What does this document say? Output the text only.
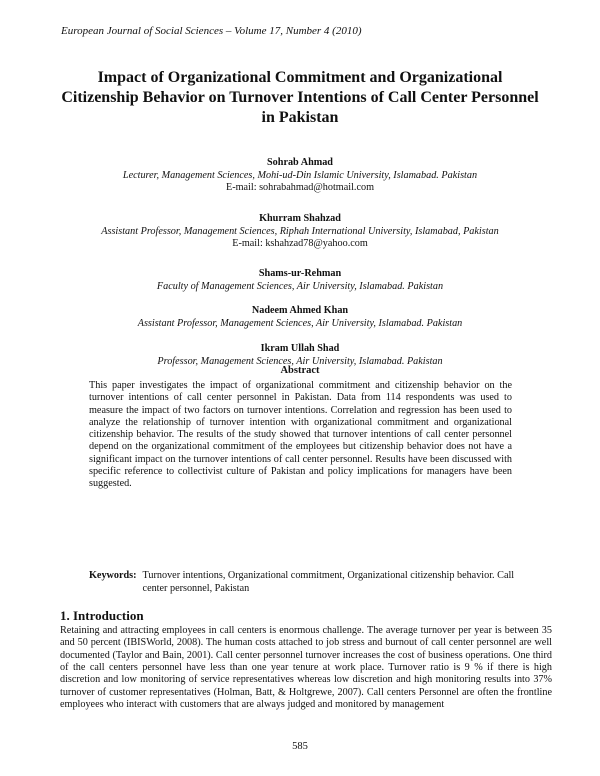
European Journal of Social Sciences – Volume 17, Number 4 (2010)
Impact of Organizational Commitment and Organizational Citizenship Behavior on Turnover Intentions of Call Center Personnel in Pakistan
Sohrab Ahmad
Lecturer, Management Sciences, Mohi-ud-Din Islamic University, Islamabad. Pakistan
E-mail: sohrabahmad@hotmail.com
Khurram Shahzad
Assistant Professor, Management Sciences, Riphah International University, Islamabad, Pakistan
E-mail: kshahzad78@yahoo.com
Shams-ur-Rehman
Faculty of Management Sciences, Air University, Islamabad. Pakistan
Nadeem Ahmed Khan
Assistant Professor, Management Sciences, Air University, Islamabad. Pakistan
Ikram Ullah Shad
Professor, Management Sciences, Air University, Islamabad. Pakistan
Abstract

This paper investigates the impact of organizational commitment and citizenship behavior on the turnover intentions of call center personnel in Pakistan. Data from 114 respondents was used to measure the impact of two factors on turnover intentions. Correlation and regression has been used to analyze the relationship of turnover intention with organizational commitment and organizational citizenship behavior. The results of the study showed that turnover intentions of call center personnel depend on the organizational commitment of the employees but citizenship behavior does not have a significant impact on the turnover intentions of call center personnel. Results have been discussed with specific reference to collectivist culture of Pakistan and policy implications for managers have been suggested.

Keywords: Turnover intentions, Organizational commitment, Organizational citizenship behavior. Call center personnel, Pakistan
1. Introduction

Retaining and attracting employees in call centers is enormous challenge. The average turnover per year is between 35 and 50 percent (IBISWorld, 2008). The human costs attached to job stress and burnout of call center personnel are well documented (Taylor and Bain, 2001). Call center personnel turnover increases the cost of business operations. One third of the call centers personnel have less than one year tenure at work place. Turnover ratio is 9 % if there is high discretion and low monitoring of service representatives whereas low discretion and high monitoring results into 37% turnover of customer representatives (Holman, Batt, & Holtgrewe, 2007). Call centers Personnel are often the frontline employees who interact with customers that are always judged and monitored by management

585
